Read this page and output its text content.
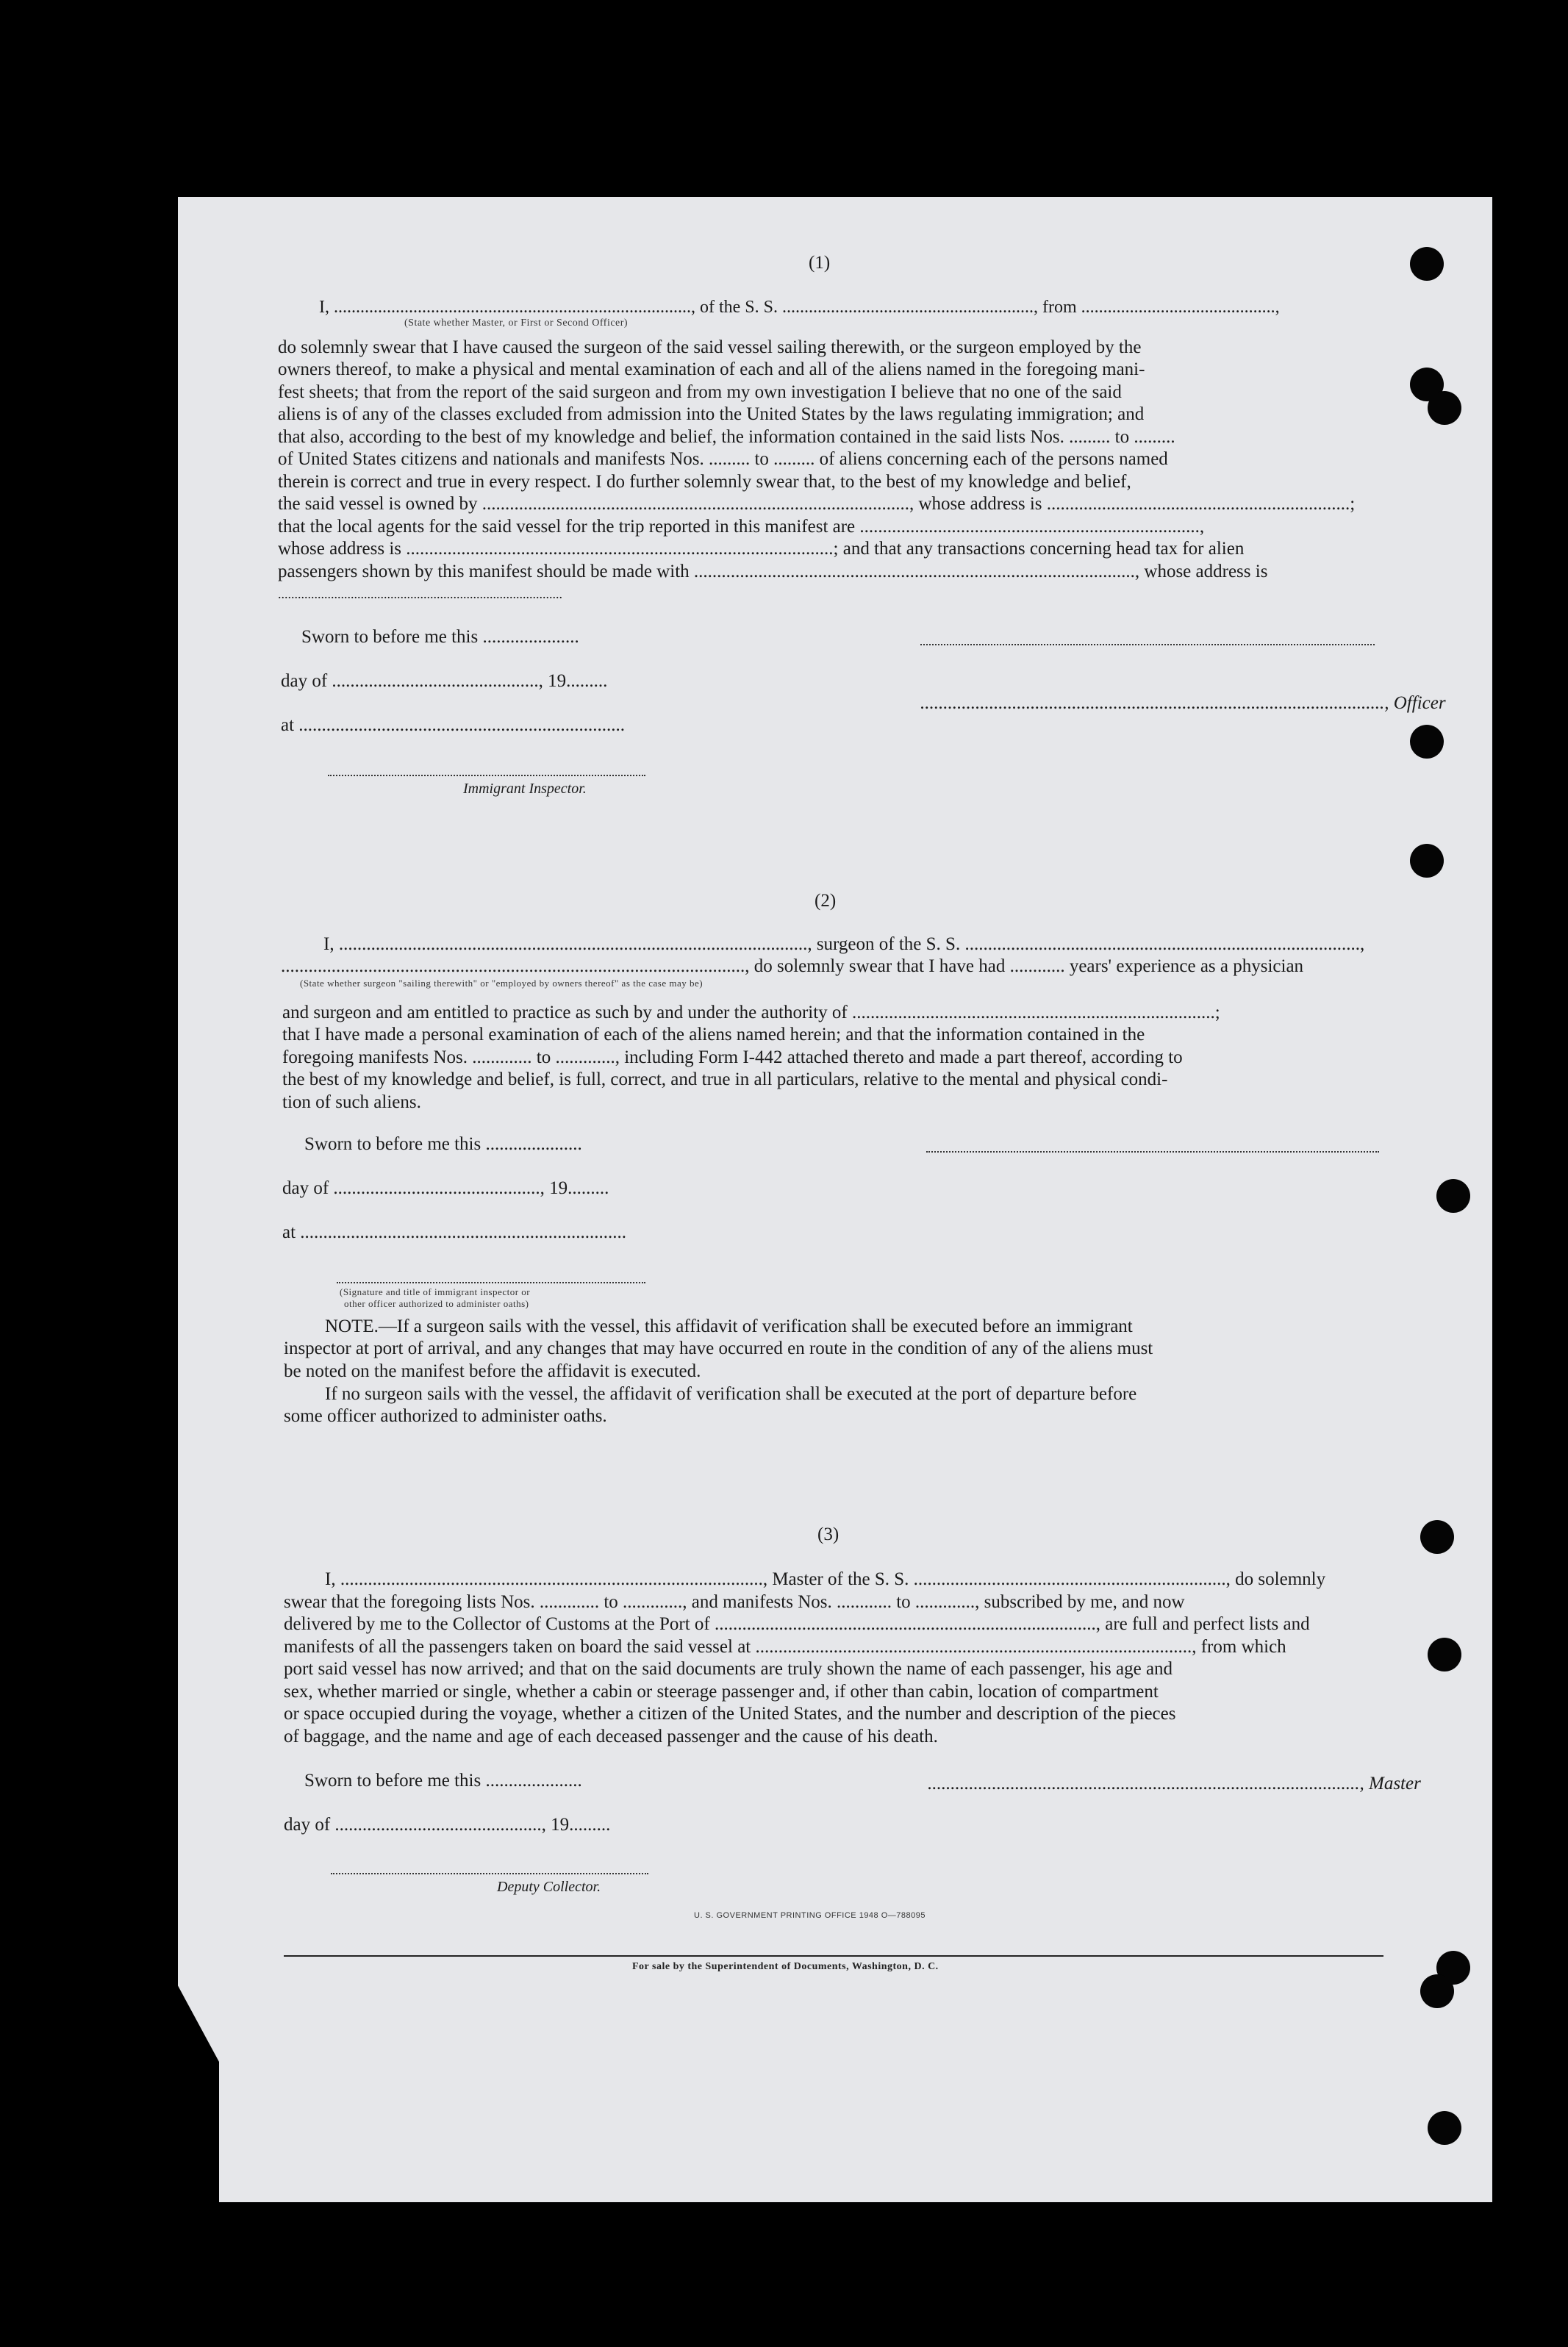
(1)
I, ................................................................................., of the S. S. ........................................................., from ............................................,
(State whether Master, or First or Second Officer)
do solemnly swear that I have caused the surgeon of the said vessel sailing therewith, or the surgeon employed by the
owners thereof, to make a physical and mental examination of each and all of the aliens named in the foregoing mani-
fest sheets; that from the report of the said surgeon and from my own investigation I believe that no one of the said
aliens is of any of the classes excluded from admission into the United States by the laws regulating immigration; and
that also, according to the best of my knowledge and belief, the information contained in the said lists Nos. ......... to .........
of United States citizens and nationals and manifests Nos. ......... to ......... of aliens concerning each of the persons named
therein is correct and true in every respect. I do further solemnly swear that, to the best of my knowledge and belief,
the said vessel is owned by ............................................................................................., whose address is ..................................................................;
that the local agents for the said vessel for the trip reported in this manifest are ..........................................................................,
whose address is .............................................................................................; and that any transactions concerning head tax for alien
passengers shown by this manifest should be made with ................................................................................................, whose address is
......................................................................................
Sworn to before me this .....................
day of ............................................., 19.........
at .......................................................................
Immigrant Inspector.
....................................................................................................., Officer
(2)
I, ......................................................................................................, surgeon of the S. S. ......................................................................................,
....................................................................................................., do solemnly swear that I have had ............ years' experience as a physician
(State whether surgeon "sailing therewith" or "employed by owners thereof" as the case may be)
and surgeon and am entitled to practice as such by and under the authority of ...............................................................................;
that I have made a personal examination of each of the aliens named herein; and that the information contained in the
foregoing manifests Nos. ............. to ............., including Form I-442 attached thereto and made a part thereof, according to
the best of my knowledge and belief, is full, correct, and true in all particulars, relative to the mental and physical condi-
tion of such aliens.
Sworn to before me this .....................
day of ............................................., 19.........
at .......................................................................
(Signature and title of immigrant inspector or
other officer authorized to administer oaths)
NOTE.—If a surgeon sails with the vessel, this affidavit of verification shall be executed before an immigrant
inspector at port of arrival, and any changes that may have occurred en route in the condition of any of the aliens must
be noted on the manifest before the affidavit is executed.
If no surgeon sails with the vessel, the affidavit of verification shall be executed at the port of departure before
some officer authorized to administer oaths.
(3)
I, ............................................................................................, Master of the S. S. ...................................................................., do solemnly
swear that the foregoing lists Nos. ............. to ............., and manifests Nos. ............ to ............., subscribed by me, and now
delivered by me to the Collector of Customs at the Port of ..................................................................................., are full and perfect lists and
manifests of all the passengers taken on board the said vessel at ..............................................................................................., from which
port said vessel has now arrived; and that on the said documents are truly shown the name of each passenger, his age and
sex, whether married or single, whether a cabin or steerage passenger and, if other than cabin, location of compartment
or space occupied during the voyage, whether a citizen of the United States, and the number and description of the pieces
of baggage, and the name and age of each deceased passenger and the cause of his death.
Sworn to before me this .....................	.............................................................................................., Master
day of ............................................., 19.........
Deputy Collector.
U. S. GOVERNMENT PRINTING OFFICE 1948 O—788095
For sale by the Superintendent of Documents, Washington, D. C.
